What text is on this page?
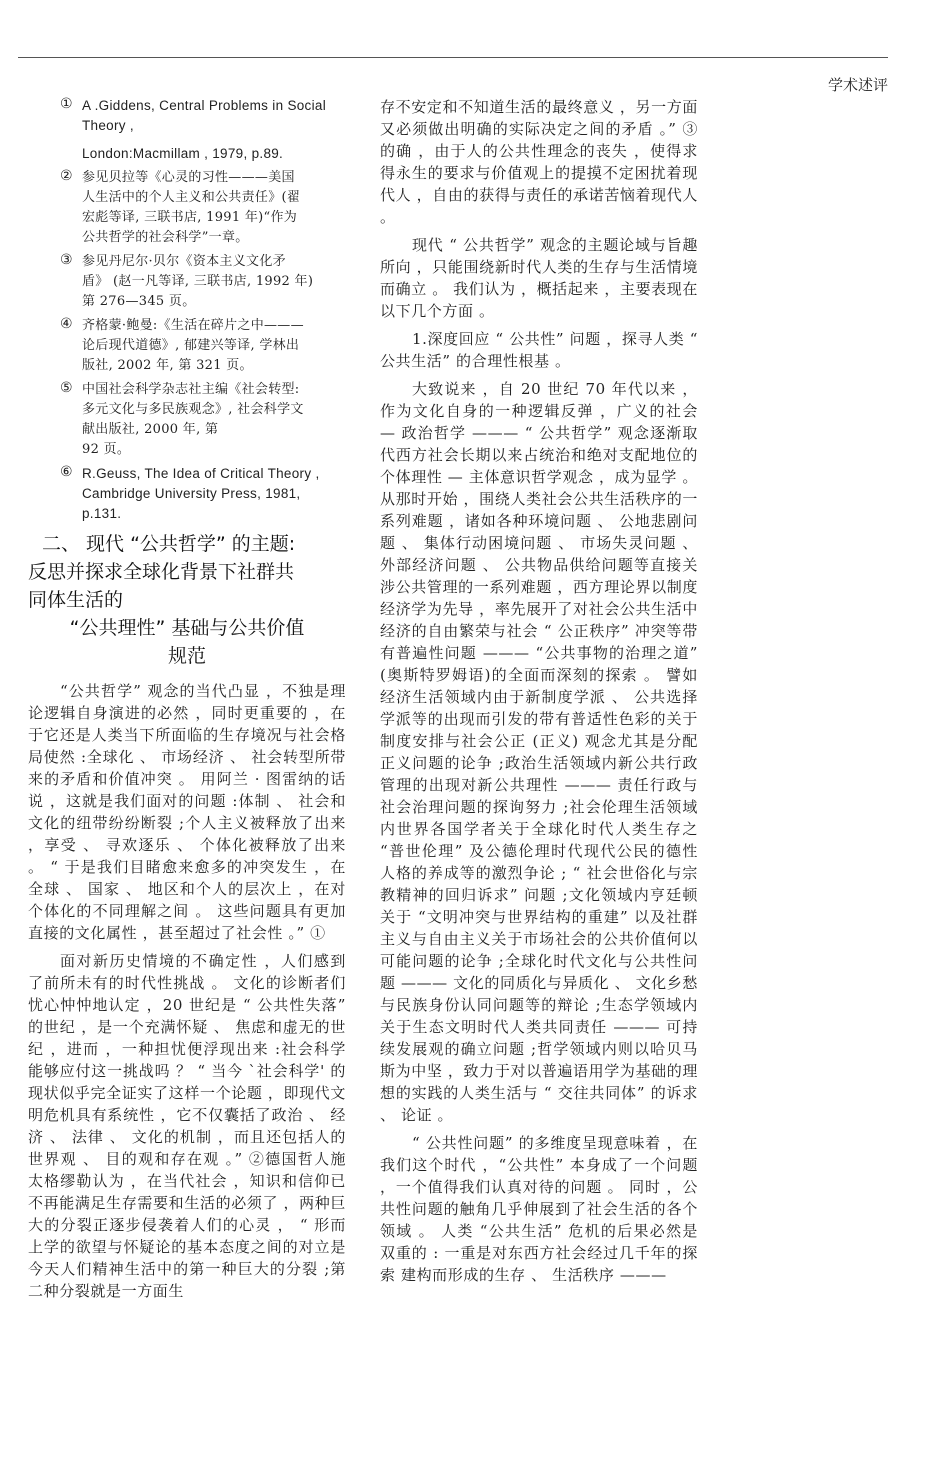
学术述评
① A .Giddens, Central Problems in Social
Theory ,
London:Macmillam , 1979, p.89.
② 参见贝拉等《心灵的习性———美国
人生活中的个人主义和公共责任》(翟
宏彪等译, 三联书店, 1991 年)“作为
公共哲学的社会科学”一章。
③ 参见丹尼尔·贝尔《资本主义文化矛
盾》 (赵一凡等译, 三联书店, 1992 年)
第 276—345 页。
④ 齐格蒙·鲍曼:《生活在碎片之中———
论后现代道德》, 郁建兴等译, 学林出
版社, 2002 年, 第 321 页。
⑤ 中国社会科学杂志社主编《社会转型:
多元文化与多民族观念》, 社会科学文
献出版社, 2000 年, 第
92 页。
⑥ R.Geuss, The Idea of Critical Theory ,
Cambridge University Press, 1981,
p.131.
二、 现代 “公共哲学” 的主题:
反思并探求全球化背景下社群共
同体生活的
“公共理性” 基础与公共价值
规范

“公共哲学” 观念的当代凸显 ，不独是理论逻辑自身演进的必然 ，同时更重要的 ，在于它还是人类当下所面临的生存境况与社会格局使然 :全球化 、 市场经济 、 社会转型所带来的矛盾和价值冲突 。 用阿兰 · 图雷纳的话说 ，这就是我们面对的问题 :体制 、 社会和文化的纽带纷纷断裂 ;个人主义被释放了出来 ，享受 、 寻欢逐乐 、 个体化被释放了出来 。 “ 于是我们目睹愈来愈多的冲突发生 ，在全球 、 国家 、 地区和个人的层次上 ，在对个体化的不同理解之间 。 这些问题具有更加直接的文化属性 ，甚至超过了社会性 。” ①

面对新历史情境的不确定性 ，人们感到了前所未有的时代性挑战 。 文化的诊断者们忧心忡忡地认定 ，20 世纪是 “ 公共性失落” 的世纪 ，是一个充满怀疑 、 焦虑和虚无的世纪 ，进而 ，一种担忧便浮现出来 :社会科学能够应付这一挑战吗 ？ “ 当今 `社会科学' 的现状似乎完全证实了这样一个论题 ，即现代文明危机具有系统性 ，它不仅囊括了政治 、 经济 、 法律 、 文化的机制 ，而且还包括人的世界观 、 目的观和存在观 。” ②德国哲人施太格缪勒认为 ，在当代社会 ，知识和信仰已不再能满足生存需要和生活的必须了 ，两种巨大的分裂正逐步侵袭着人们的心灵 ， “ 形而上学的欲望与怀疑论的基本态度之间的对立是今天人们精神生活中的第一种巨大的分裂 ;第二种分裂就是一方面生

存不安定和不知道生活的最终意义 ，另一方面又必须做出明确的实际决定之间的矛盾 。” ③的确 ，由于人的公共性理念的丧失 ，使得求得永生的要求与价值观上的提摸不定困扰着现代人 ，自由的获得与责任的承诺苦恼着现代人 。

现代 “ 公共哲学” 观念的主题论域与旨趣所向 ，只能围绕新时代人类的生存与生活情境而确立 。 我们认为 ，概括起来 ，主要表现在以下几个方面 。

1.深度回应 “ 公共性” 问题 ，探寻人类 “ 公共生活” 的合理性根基 。

大致说来 ，自 20 世纪 70 年代以来 ，作为文化自身的一种逻辑反弹 ，广义的社会 — 政治哲学 ——— “ 公共哲学” 观念逐渐取代西方社会长期以来占统治和绝对支配地位的个体理性 — 主体意识哲学观念 ，成为显学 。 从那时开始 ，围绕人类社会公共生活秩序的一系列难题 ，诸如各种环境问题 、 公地悲剧问题 、 集体行动困境问题 、 市场失灵问题 、 外部经济问题 、 公共物品供给问题等直接关涉公共管理的一系列难题 ，西方理论界以制度经济学为先导 ，率先展开了对社会公共生活中经济的自由繁荣与社会 “ 公正秩序” 冲突等带有普遍性问题 ——— “公共事物的治理之道” (奥斯特罗姆语)的全面而深刻的探索 。 譬如经济生活领域内由于新制度学派 、 公共选择学派等的出现而引发的带有普适性色彩的关于制度安排与社会公正 (正义) 观念尤其是分配正义问题的论争 ;政治生活领域内新公共行政管理的出现对新公共理性 ——— 责任行政与社会治理问题的探询努力 ;社会伦理生活领域内世界各国学者关于全球化时代人类生存之 “普世伦理” 及公德伦理时代现代公民的德性人格的养成等的激烈争论 ; “ 社会世俗化与宗教精神的回归诉求” 问题 ;文化领域内亨廷顿关于 “文明冲突与世界结构的重建” 以及社群主义与自由主义关于市场社会的公共价值何以可能问题的论争 ;全球化时代文化与公共性问题 ——— 文化的同质化与异质化 、 文化乡愁与民族身份认同问题等的辩论 ;生态学领域内关于生态文明时代人类共同责任 ——— 可持续发展观的确立问题 ;哲学领域内则以哈贝马斯为中坚 ，致力于对以普遍语用学为基础的理想的实践的人类生活与 “ 交往共同体” 的诉求 、 论证 。

“ 公共性问题” 的多维度呈现意味着 ，在我们这个时代 ，“公共性” 本身成了一个问题 ，一个值得我们认真对待的问题 。 同时 ，公共性问题的触角几乎伸展到了社会生活的各个领域 。 人类 “公共生活” 危机的后果必然是双重的 : 一重是对东西方社会经过几千年的探索 建构而形成的生存 、 生活秩序 ———
